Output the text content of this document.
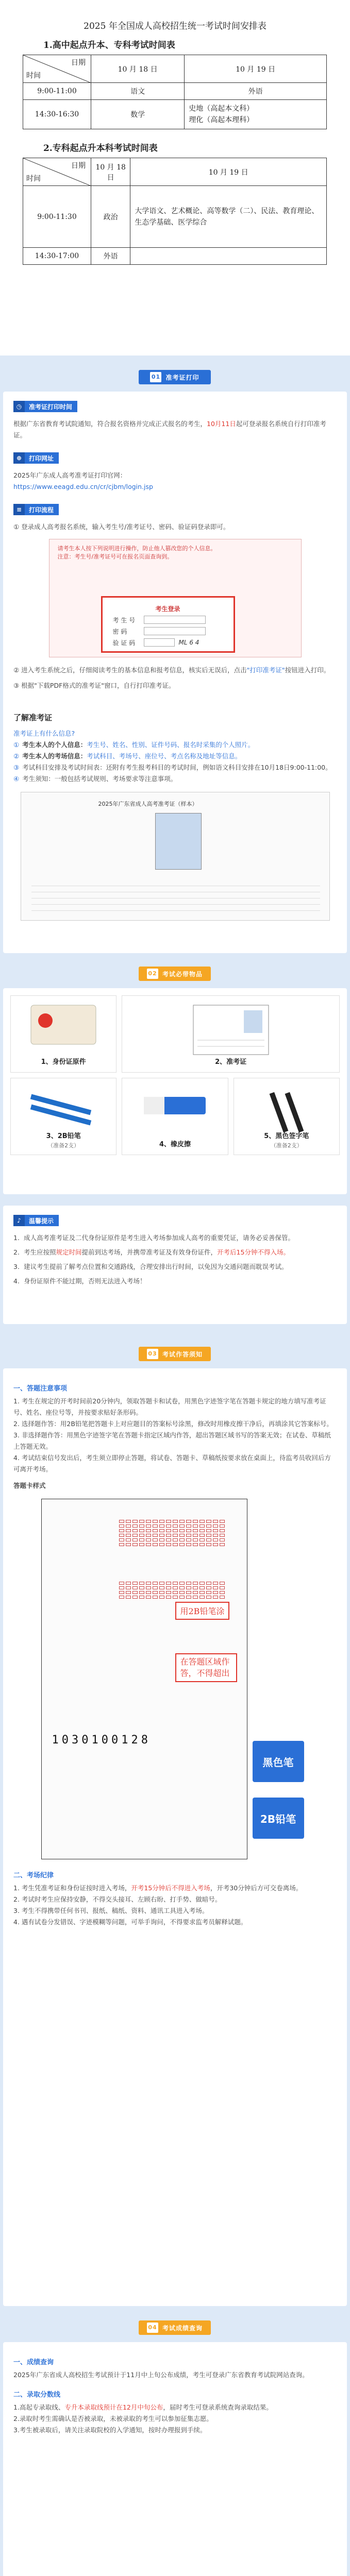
2025 年全国成人高校招生统一考试时间安排表
1.高中起点升本、专科考试时间表
日期
时间	10 月 18 日	10 月 19 日
9:00-11:00	语文	外语
14:30-16:30	数学	史地（高起本文科）
理化（高起本理科）
2.专科起点升本科考试时间表
日期
时间	10 月 18 日	10 月 19 日
9:00-11:30	政治	大学语文、艺术概论、高等数学（二）、民法、教育理论、生态学基础、医学综合
14:30-17:00	外语	
01 准考证打印
◷	准考证打印时间
根据广东省教育考试院通知，符合报名资格并完成正式报名的考生，10月11日起可登录报名系统自行打印准考证。
⊕	打印网址
2025年广东成人高考准考证打印官网：
https://www.eeagd.edu.cn/cr/cjbm/login.jsp
≡	打印流程
① 登录成人高考报名系统，输入考生号/准考证号、密码、验证码登录即可。
请考生本人按下列说明进行操作，防止他人篡改您的个人信息。
注意：考生号/准考证号可在报名页面查询到。
考生登录
考 生 号
密 码
验 证 码	ML 6 4
② 进入考生系统之后，仔细阅读考生的基本信息和报考信息，核实后无误后，点击"打印准考证"按钮进入打印。
③ 根据"下载PDF格式的准考证"窗口，自行打印准考证。
了解准考证
准考证上有什么信息?
① 考生本人的个人信息：考生号、姓名、性别、证件号码、报名时采集的个人照片。
② 考生本人的考场信息：考试科目、考场号、座位号、考点名称及地址等信息。
③ 考试科目安排及考试时间表：还附有考生报考科目的考试时间，例如语文科目安排在10月18日9:00-11:00。
④ 考生须知：一般包括考试规则、考场要求等注意事项。
2025年广东省成人高考准考证（样本）
02 考试必带物品
1、身份证原件	2、准考证
3、2B铅笔
（准备2支）	4、橡皮擦
5、黑色签字笔
（准备2支）
♪	温馨提示
1. 成人高考准考证及二代身份证原件是考生进入考场参加成人高考的重要凭证，请务必妥善保管。
2. 考生应按照规定时间提前到达考场，并携带准考证及有效身份证件，开考后15分钟不得入场。
3. 建议考生提前了解考点位置和交通路线，合理安排出行时间，以免因为交通问题而耽误考试。
4. 身份证原件不能过期，否则无法进入考场！
03 考试作答须知
一、答题注意事项
1. 考生在规定的开考时间前20分钟内，领取答题卡和试卷，用黑色字迹签字笔在答题卡规定的地方填写准考证号、姓名、座位号等，并按要求贴好条形码。
2. 选择题作答：用2B铅笔把答题卡上对应题目的答案标号涂黑，修改时用橡皮擦干净后，再填涂其它答案标号。
3. 非选择题作答：用黑色字迹签字笔在答题卡指定区域内作答，超出答题区域书写的答案无效；在试卷、草稿纸上答题无效。
4. 考试结束信号发出后，考生须立即停止答题，将试卷、答题卡、草稿纸按要求放在桌面上，待监考员收回后方可离开考场。
答题卡样式
1030100128
用2B铅笔涂
在答题区域作答，不得超出
黑色笔
2B铅笔
二、考场纪律
1. 考生凭准考证和身份证按时进入考场，开考15分钟后不得进入考场，开考30分钟后方可交卷离场。
2. 考试时考生应保持安静，不得交头接耳、左顾右盼、打手势、做暗号。
3. 考生不得携带任何书刊、报纸、稿纸、资料、通讯工具进入考场。
4. 遇有试卷分发错误、字迹模糊等问题，可举手询问，不得要求监考员解释试题。
04 考试成绩查询
一、成绩查询
2025年广东省成人高校招生考试预计于11月中上旬公布成绩，考生可登录广东省教育考试院网站查询。
二、录取分数线
1.高起专录取线、专升本录取线预计在12月中旬公布，届时考生可登录系统查询录取结果。
2.录取时考生需确认是否被录取，未被录取的考生可以参加征集志愿。
3.考生被录取后，请关注录取院校的入学通知，按时办理报到手续。
